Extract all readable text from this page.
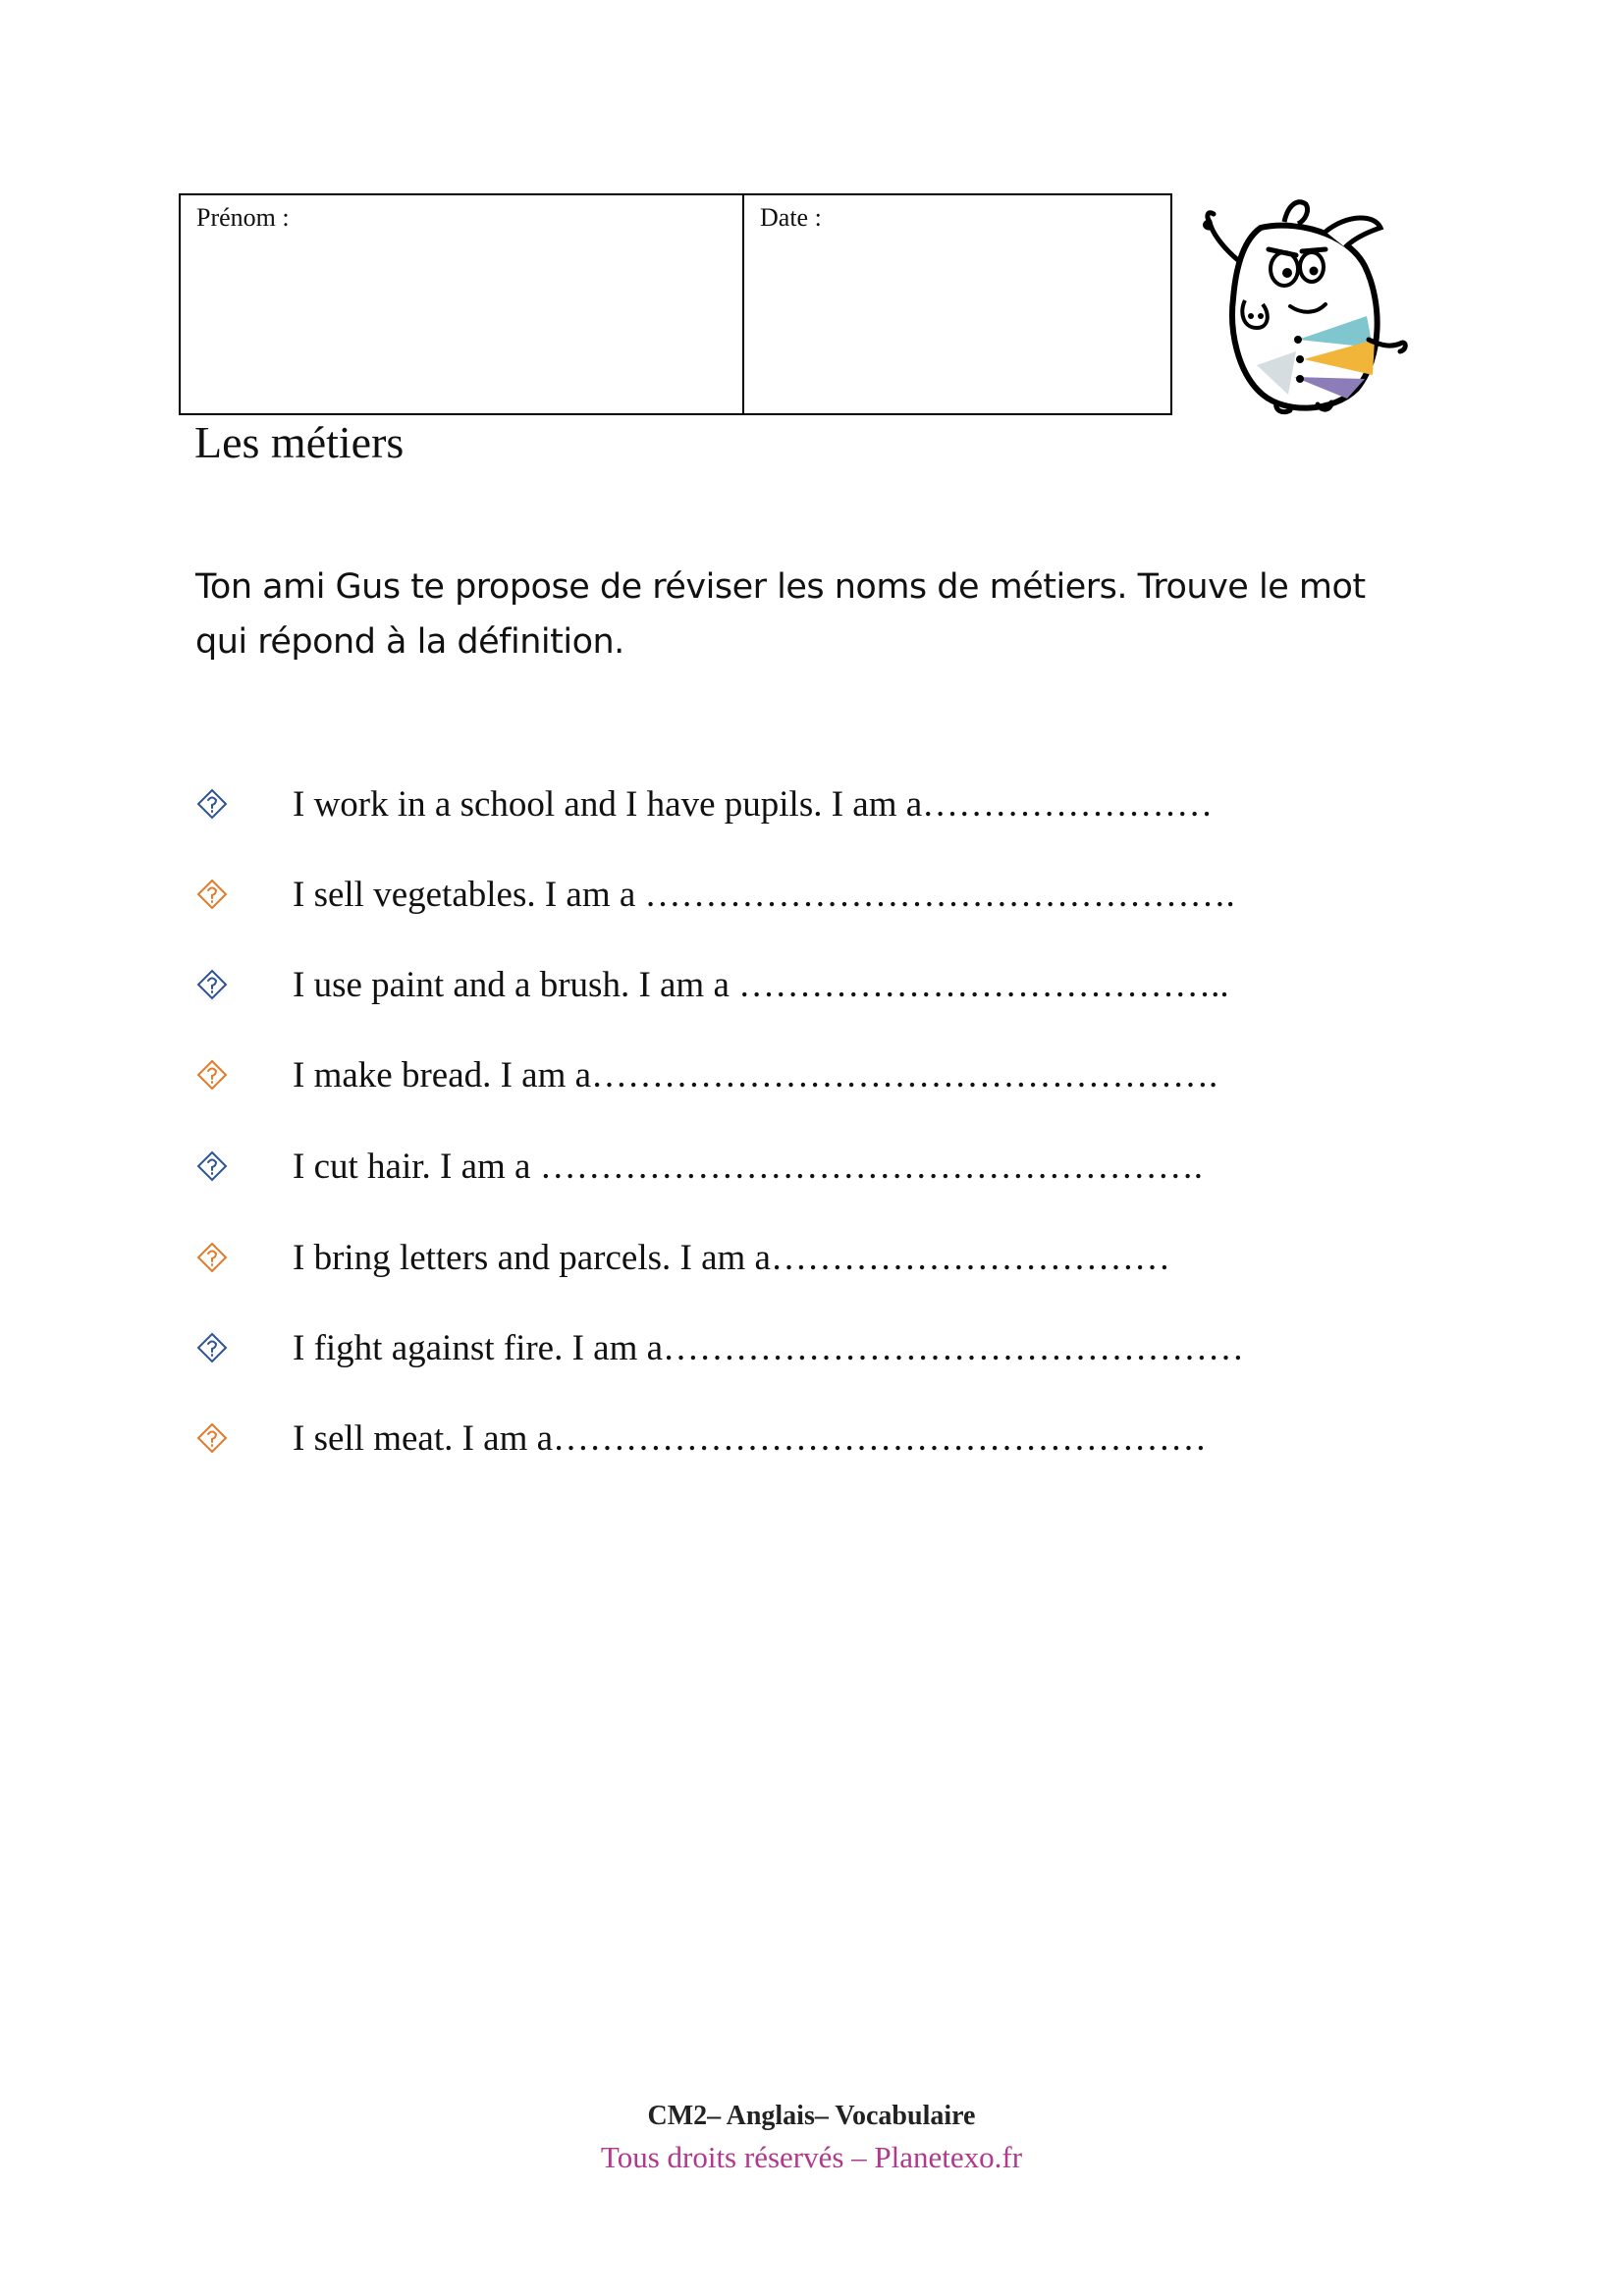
Prénom :	Date :
Les métiers

Ton ami Gus te propose de réviser les noms de métiers. Trouve le mot qui répond à la définition.

I work in a school and I have pupils. I am a……………………
I sell vegetables. I am a ………………………………………….
I use paint and a brush. I am a …………………………………..
I make bread. I am a…………………………………………….
I cut hair. I am a ……………………………………………….
I bring letters and parcels. I am a……………………………
I fight against fire. I am a…………………………………………
I sell meat. I am a………………………………………………
CM2– Anglais– Vocabulaire
Tous droits réservés – Planetexo.fr
